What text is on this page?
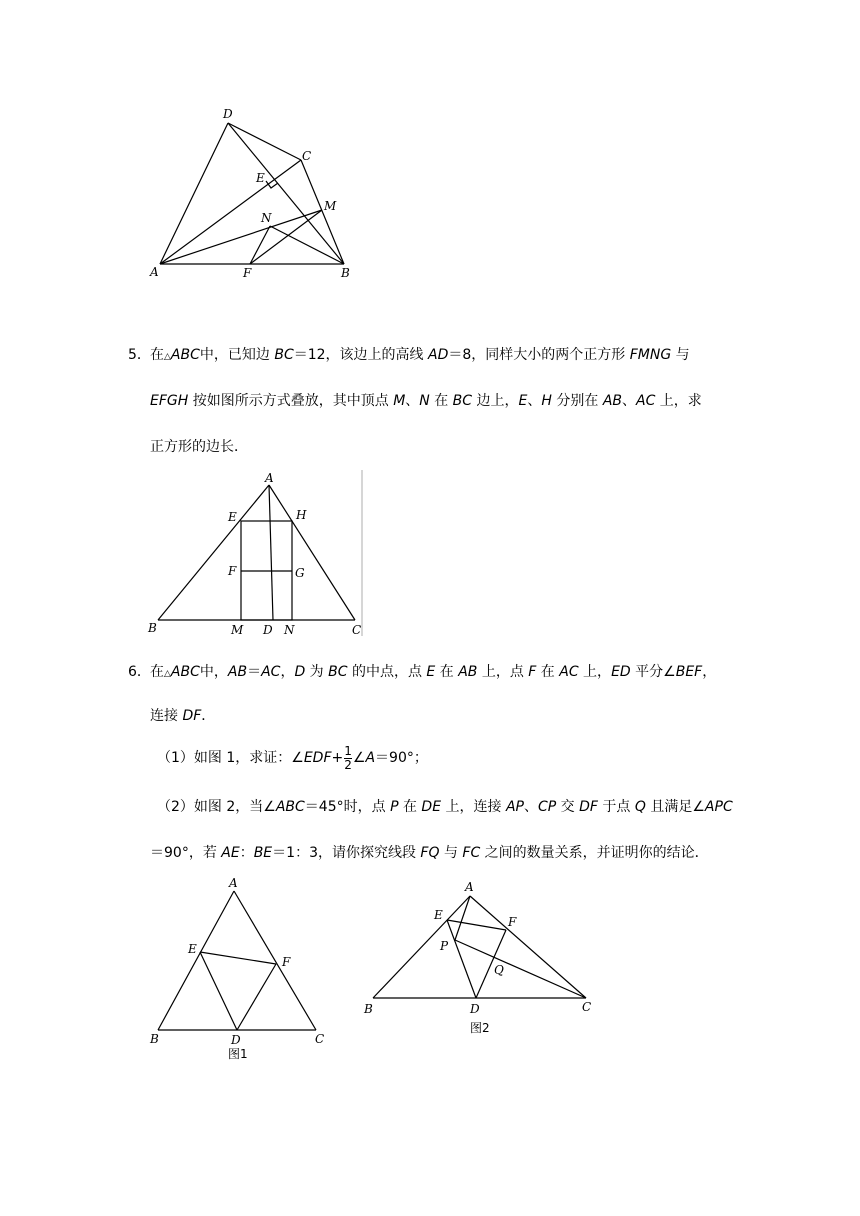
D
C
E
N
M
A	F	B
5． 在△ABC中，已知边 BC＝12，该边上的高线 AD＝8，同样大小的两个正方形 FMNG 与
EFGH 按如图所示方式叠放，其中顶点 M、N 在 BC 边上，E、H 分别在 AB、AC 上，求
正方形的边长．
A
E	H
F	G
B	M D N	C
6． 在△ABC中，AB＝AC，D 为 BC 的中点，点 E 在 AB 上，点 F 在 AC 上，ED 平分∠BEF，
连接 DF．
（1）如图 1，求证：∠EDF+ $\frac{1}{2}$ ∠A＝90°；
（2）如图 2，当∠ABC＝45°时，点 P 在 DE 上，连接 AP、CP 交 DF 于点 Q 且满足∠APC
＝90°，若 AE：BE＝1：3，请你探究线段 FQ 与 FC 之间的数量关系，并证明你的结论．
A
E
F
B	D	C
图1
A
E	F
P
Q
B	D	C
图2
